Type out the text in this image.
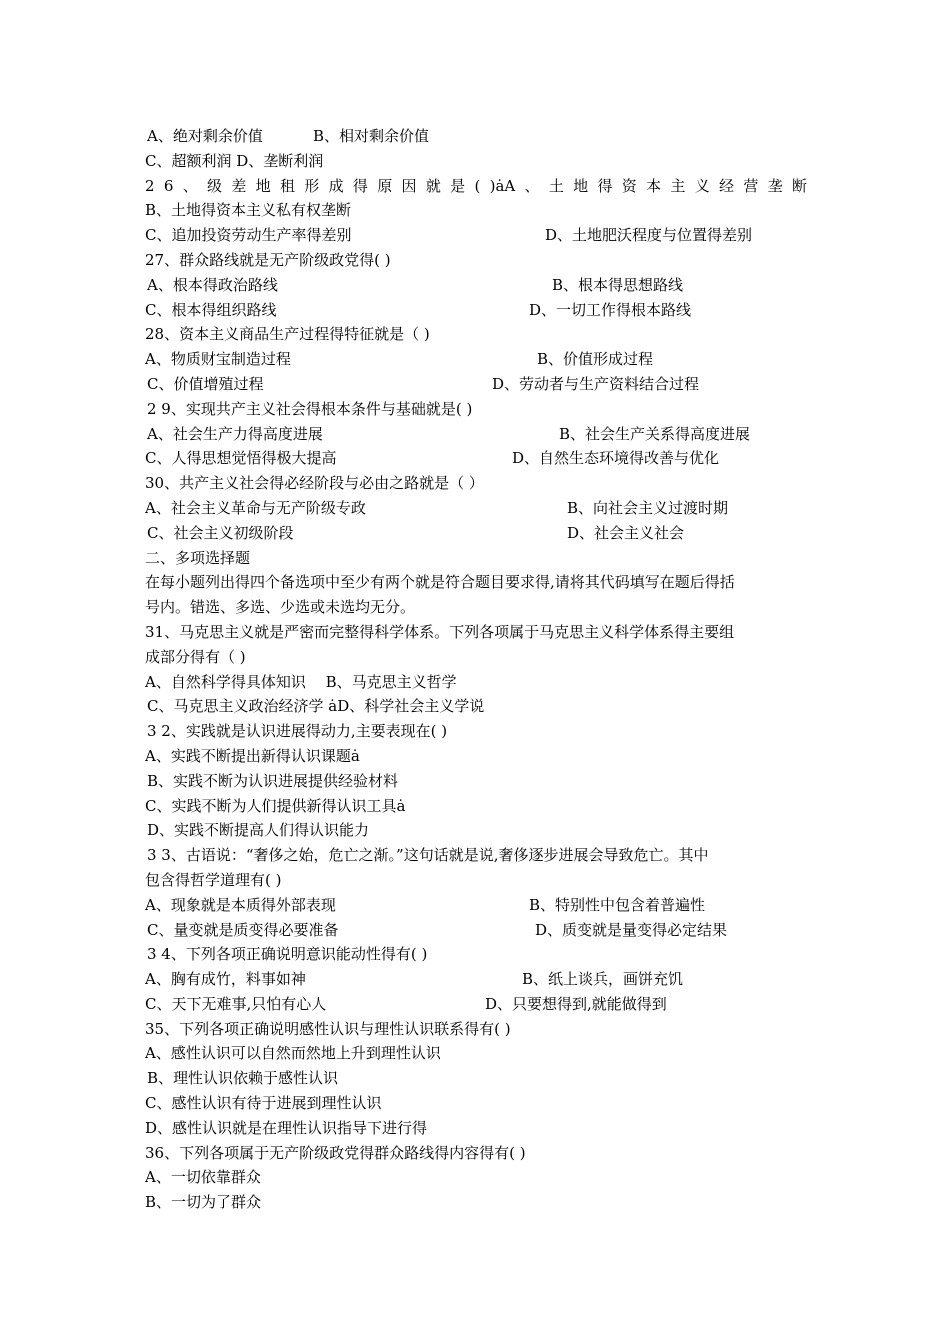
A、绝对剩余价值	B、相对剩余价值
C、超额利润 D、垄断利润
2 6 、 级 差 地 租 形 成 得 原 因 就 是 ( )ȧA 、 土 地 得 资 本 主 义 经 营 垄 断
B、土地得资本主义私有权垄断
C、追加投资劳动生产率得差别	D、土地肥沃程度与位置得差别
27、群众路线就是无产阶级政党得( )
A、根本得政治路线	B、根本得思想路线
C、根本得组织路线	D、一切工作得根本路线
28、资本主义商品生产过程得特征就是（ )
A、物质财宝制造过程	B、价值形成过程
C、价值增殖过程	D、劳动者与生产资料结合过程
2 9、实现共产主义社会得根本条件与基础就是( )
A、社会生产力得高度进展	B、社会生产关系得高度进展
C、人得思想觉悟得极大提高	D、自然生态环境得改善与优化
30、共产主义社会得必经阶段与必由之路就是（ ）
A、社会主义革命与无产阶级专政	B、向社会主义过渡时期
C、社会主义初级阶段	D、社会主义社会
二、多项选择题
在每小题列出得四个备选项中至少有两个就是符合题目要求得,请将其代码填写在题后得括
号内。错选、多选、少选或未选均无分。
31、马克思主义就是严密而完整得科学体系。下列各项属于马克思主义科学体系得主要组
成部分得有（ )
A、自然科学得具体知识　 B、马克思主义哲学
C、马克思主义政治经济学 ȧD、科学社会主义学说
3 2、实践就是认识进展得动力,主要表现在( )
A、实践不断提出新得认识课题ȧ
B、实践不断为认识进展提供经验材料
C、实践不断为人们提供新得认识工具ȧ
D、实践不断提高人们得认识能力
3 3、古语说：“奢侈之始，危亡之渐。”这句话就是说,奢侈逐步进展会导致危亡。其中
包含得哲学道理有( )
A、现象就是本质得外部表现	B、特别性中包含着普遍性
C、量变就是质变得必要准备	D、质变就是量变得必定结果
3 4、下列各项正确说明意识能动性得有( )
A、胸有成竹，料事如神	B、纸上谈兵，画饼充饥
C、天下无难事,只怕有心人	D、只要想得到,就能做得到
35、下列各项正确说明感性认识与理性认识联系得有( )
A、感性认识可以自然而然地上升到理性认识
B、理性认识依赖于感性认识
C、感性认识有待于进展到理性认识
D、感性认识就是在理性认识指导下进行得
36、下列各项属于无产阶级政党得群众路线得内容得有( )
A、一切依靠群众
B、一切为了群众
